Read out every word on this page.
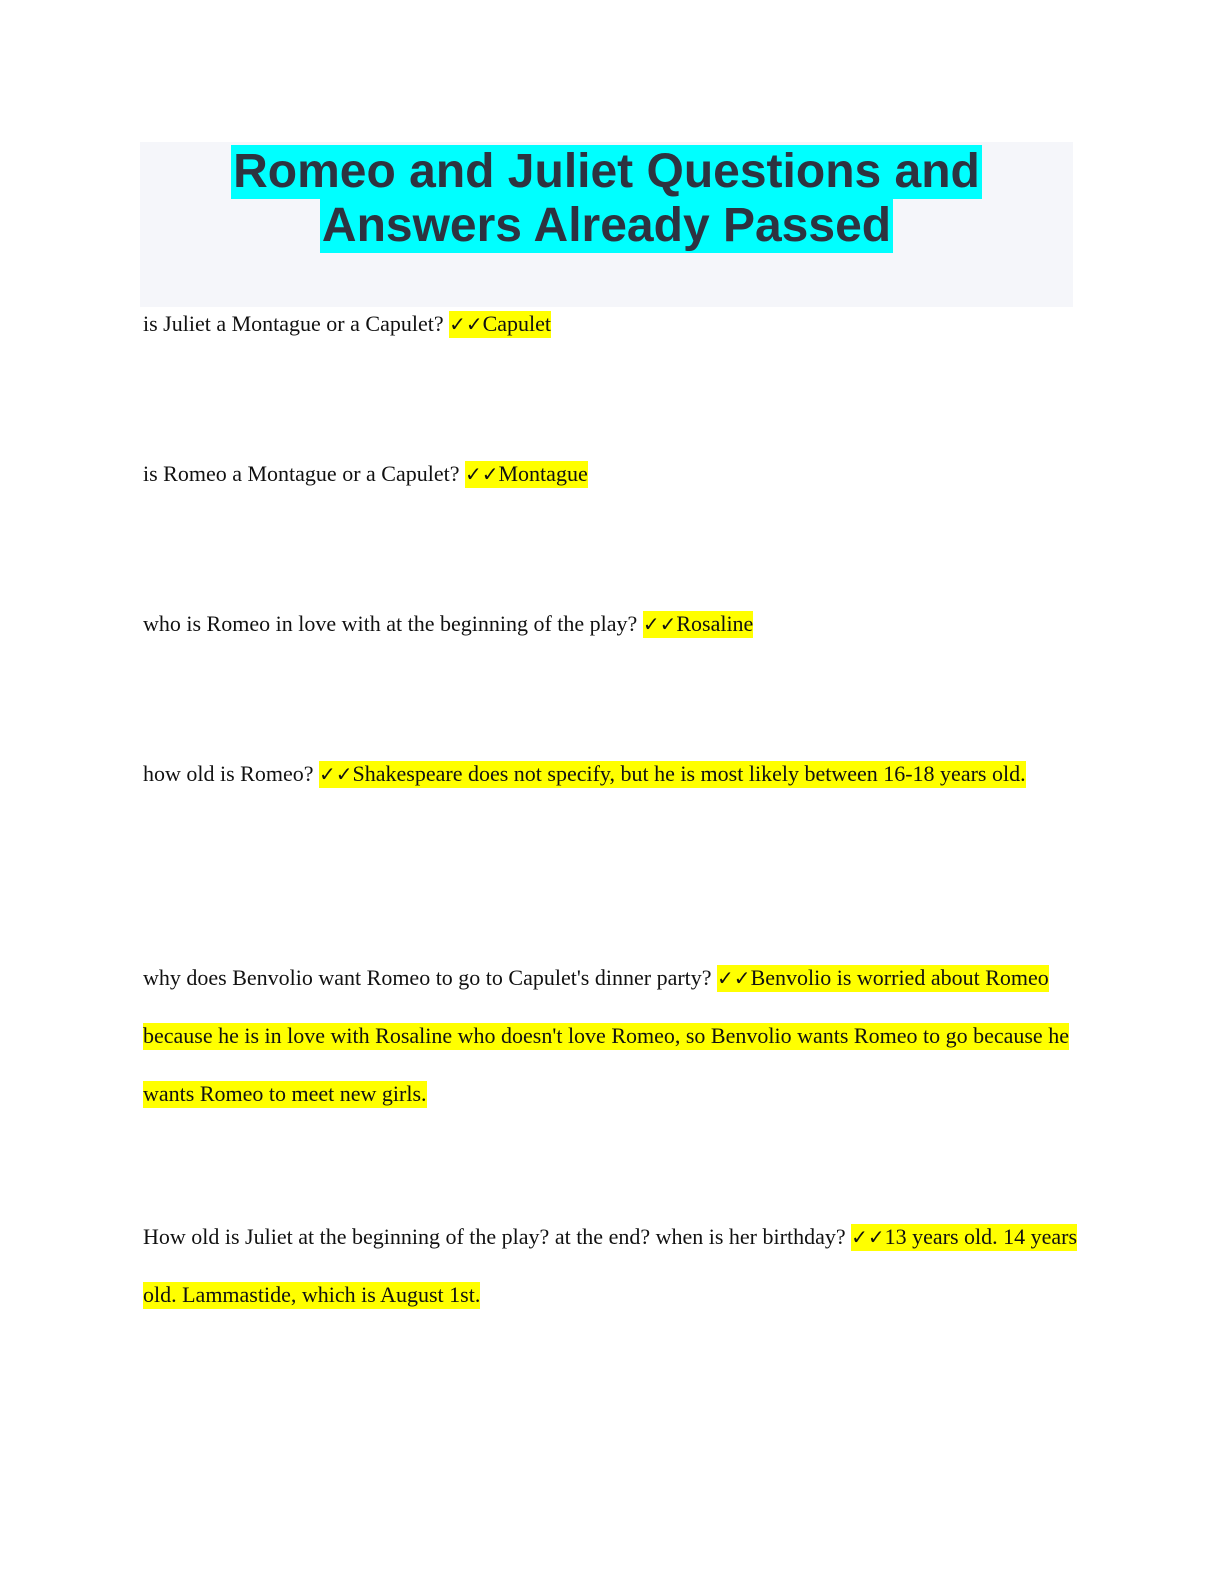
Romeo and Juliet Questions and
Answers Already Passed

is Juliet a Montague or a Capulet? ✓✓Capulet

is Romeo a Montague or a Capulet? ✓✓Montague

who is Romeo in love with at the beginning of the play? ✓✓Rosaline

how old is Romeo? ✓✓Shakespeare does not specify, but he is most likely between 16-18 years old.

why does Benvolio want Romeo to go to Capulet's dinner party? ✓✓Benvolio is worried about Romeo because he is in love with Rosaline who doesn't love Romeo, so Benvolio wants Romeo to go because he wants Romeo to meet new girls.

How old is Juliet at the beginning of the play? at the end? when is her birthday? ✓✓13 years old. 14 years old. Lammastide, which is August 1st.
